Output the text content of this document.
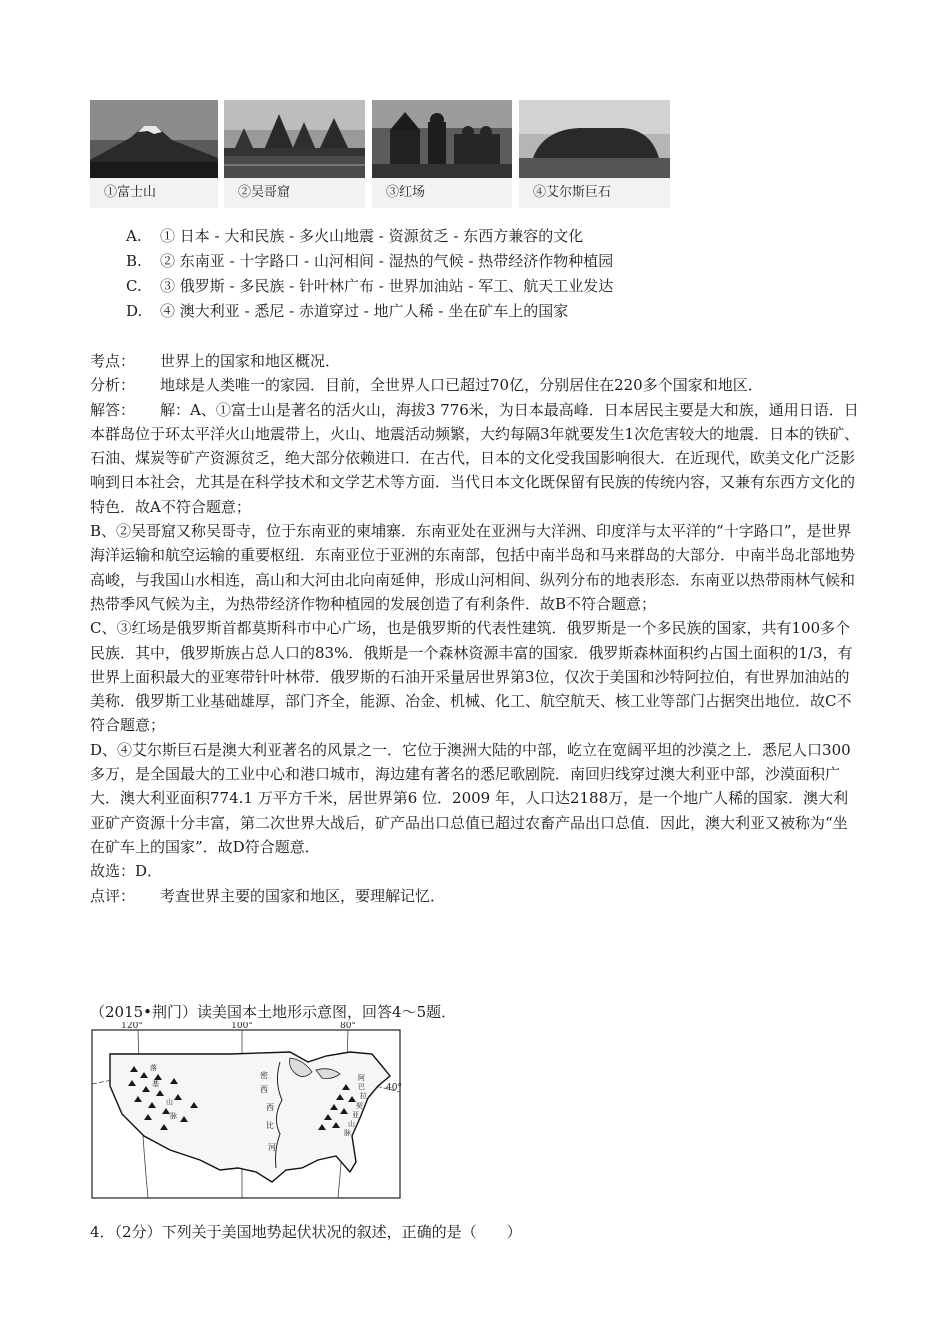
①富士山	②吴哥窟	③红场	④艾尔斯巨石
A. ① 日本 - 大和民族 - 多火山地震 - 资源贫乏 - 东西方兼容的文化
B. ② 东南亚 - 十字路口 - 山河相间 - 湿热的气候 - 热带经济作物种植园
C. ③ 俄罗斯 - 多民族 - 针叶林广布 - 世界加油站 - 军工、航天工业发达
D. ④ 澳大利亚 - 悉尼 - 赤道穿过 - 地广人稀 - 坐在矿车上的国家

考点： 世界上的国家和地区概况．

分析： 地球是人类唯一的家园．目前，全世界人口已超过70亿，分别居住在220多个国家和地区．

解答： 解：A、①富士山是著名的活火山，海拔3 776米，为日本最高峰．日本居民主要是大和族，通用日语．日本群岛位于环太平洋火山地震带上，火山、地震活动频繁，大约每隔3年就要发生1次危害较大的地震．日本的铁矿、石油、煤炭等矿产资源贫乏，绝大部分依赖进口．在古代，日本的文化受我国影响很大．在近现代，欧美文化广泛影响到日本社会，尤其是在科学技术和文学艺术等方面．当代日本文化既保留有民族的传统内容，又兼有东西方文化的特色．故A不符合题意；

B、②吴哥窟又称吴哥寺，位于东南亚的柬埔寨．东南亚处在亚洲与大洋洲、印度洋与太平洋的“十字路口”，是世界海洋运输和航空运输的重要枢纽．东南亚位于亚洲的东南部，包括中南半岛和马来群岛的大部分．中南半岛北部地势高峻，与我国山水相连，高山和大河由北向南延伸，形成山河相间、纵列分布的地表形态．东南亚以热带雨林气候和热带季风气候为主，为热带经济作物种植园的发展创造了有利条件．故B不符合题意；

C、③红场是俄罗斯首都莫斯科市中心广场，也是俄罗斯的代表性建筑．俄罗斯是一个多民族的国家，共有100多个民族．其中，俄罗斯族占总人口的83%．俄斯是一个森林资源丰富的国家．俄罗斯森林面积约占国土面积的1/3，有世界上面积最大的亚寒带针叶林带．俄罗斯的石油开采量居世界第3位，仅次于美国和沙特阿拉伯，有世界加油站的美称．俄罗斯工业基础雄厚，部门齐全，能源、冶金、机械、化工、航空航天、核工业等部门占据突出地位．故C不符合题意；

D、④艾尔斯巨石是澳大利亚著名的风景之一．它位于澳洲大陆的中部，屹立在宽阔平坦的沙漠之上．悉尼人口300多万，是全国最大的工业中心和港口城市，海边建有著名的悉尼歌剧院．南回归线穿过澳大利亚中部，沙漠面积广大．澳大利亚面积774.1 万平方千米，居世界第6 位．2009 年，人口达2188万，是一个地广人稀的国家．澳大利亚矿产资源十分丰富，第二次世界大战后，矿产品出口总值已超过农畜产品出口总值．因此，澳大利亚又被称为“坐在矿车上的国家”．故D符合题意．

故选：D．

点评： 考查世界主要的国家和地区，要理解记忆．

（2015•荆门）读美国本土地形示意图，回答4～5题．
120°	100°	80°
40°
密
西
西
比
河
阿
巴
拉
契
亚
山
脉
落
基
山
脉
4．（2分）下列关于美国地势起伏状况的叙述，正确的是（　　）
